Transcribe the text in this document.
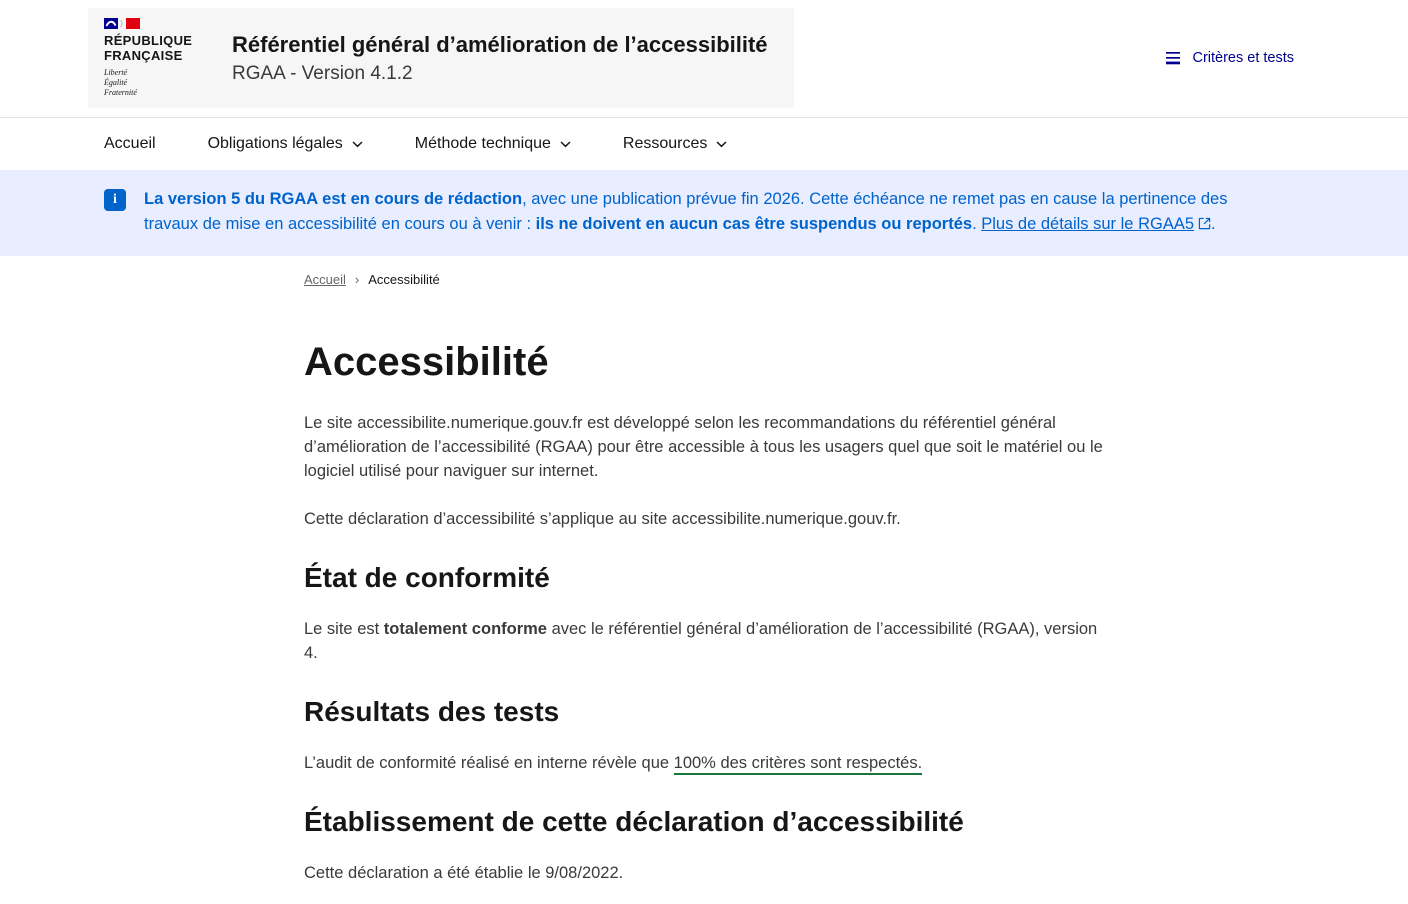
RÉPUBLIQUE
FRANÇAISE
Liberté
Égalité
Fraternité

Référentiel général d’amélioration de l’accessibilité

RGAA - Version 4.1.2

Critères et tests
Accueil	Obligations légales	Méthode technique	Ressources
i	La version 5 du RGAA est en cours de rédaction, avec une publication prévue fin 2026. Cette échéance ne remet pas en cause la pertinence des travaux de mise en accessibilité en cours ou à venir : ils ne doivent en aucun cas être suspendus ou reportés. Plus de détails sur le RGAA5 .

Accueil › Accessibilité
Accessibilité

Le site accessibilite.numerique.gouv.fr est développé selon les recommandations du référentiel général d’amélioration de l’accessibilité (RGAA) pour être accessible à tous les usagers quel que soit le matériel ou le logiciel utilisé pour naviguer sur internet.

Cette déclaration d’accessibilité s’applique au site accessibilite.numerique.gouv.fr.

État de conformité

Le site est totalement conforme avec le référentiel général d’amélioration de l’accessibilité (RGAA), version 4.

Résultats des tests

L’audit de conformité réalisé en interne révèle que 100% des critères sont respectés.

Établissement de cette déclaration d’accessibilité

Cette déclaration a été établie le 9/08/2022.
